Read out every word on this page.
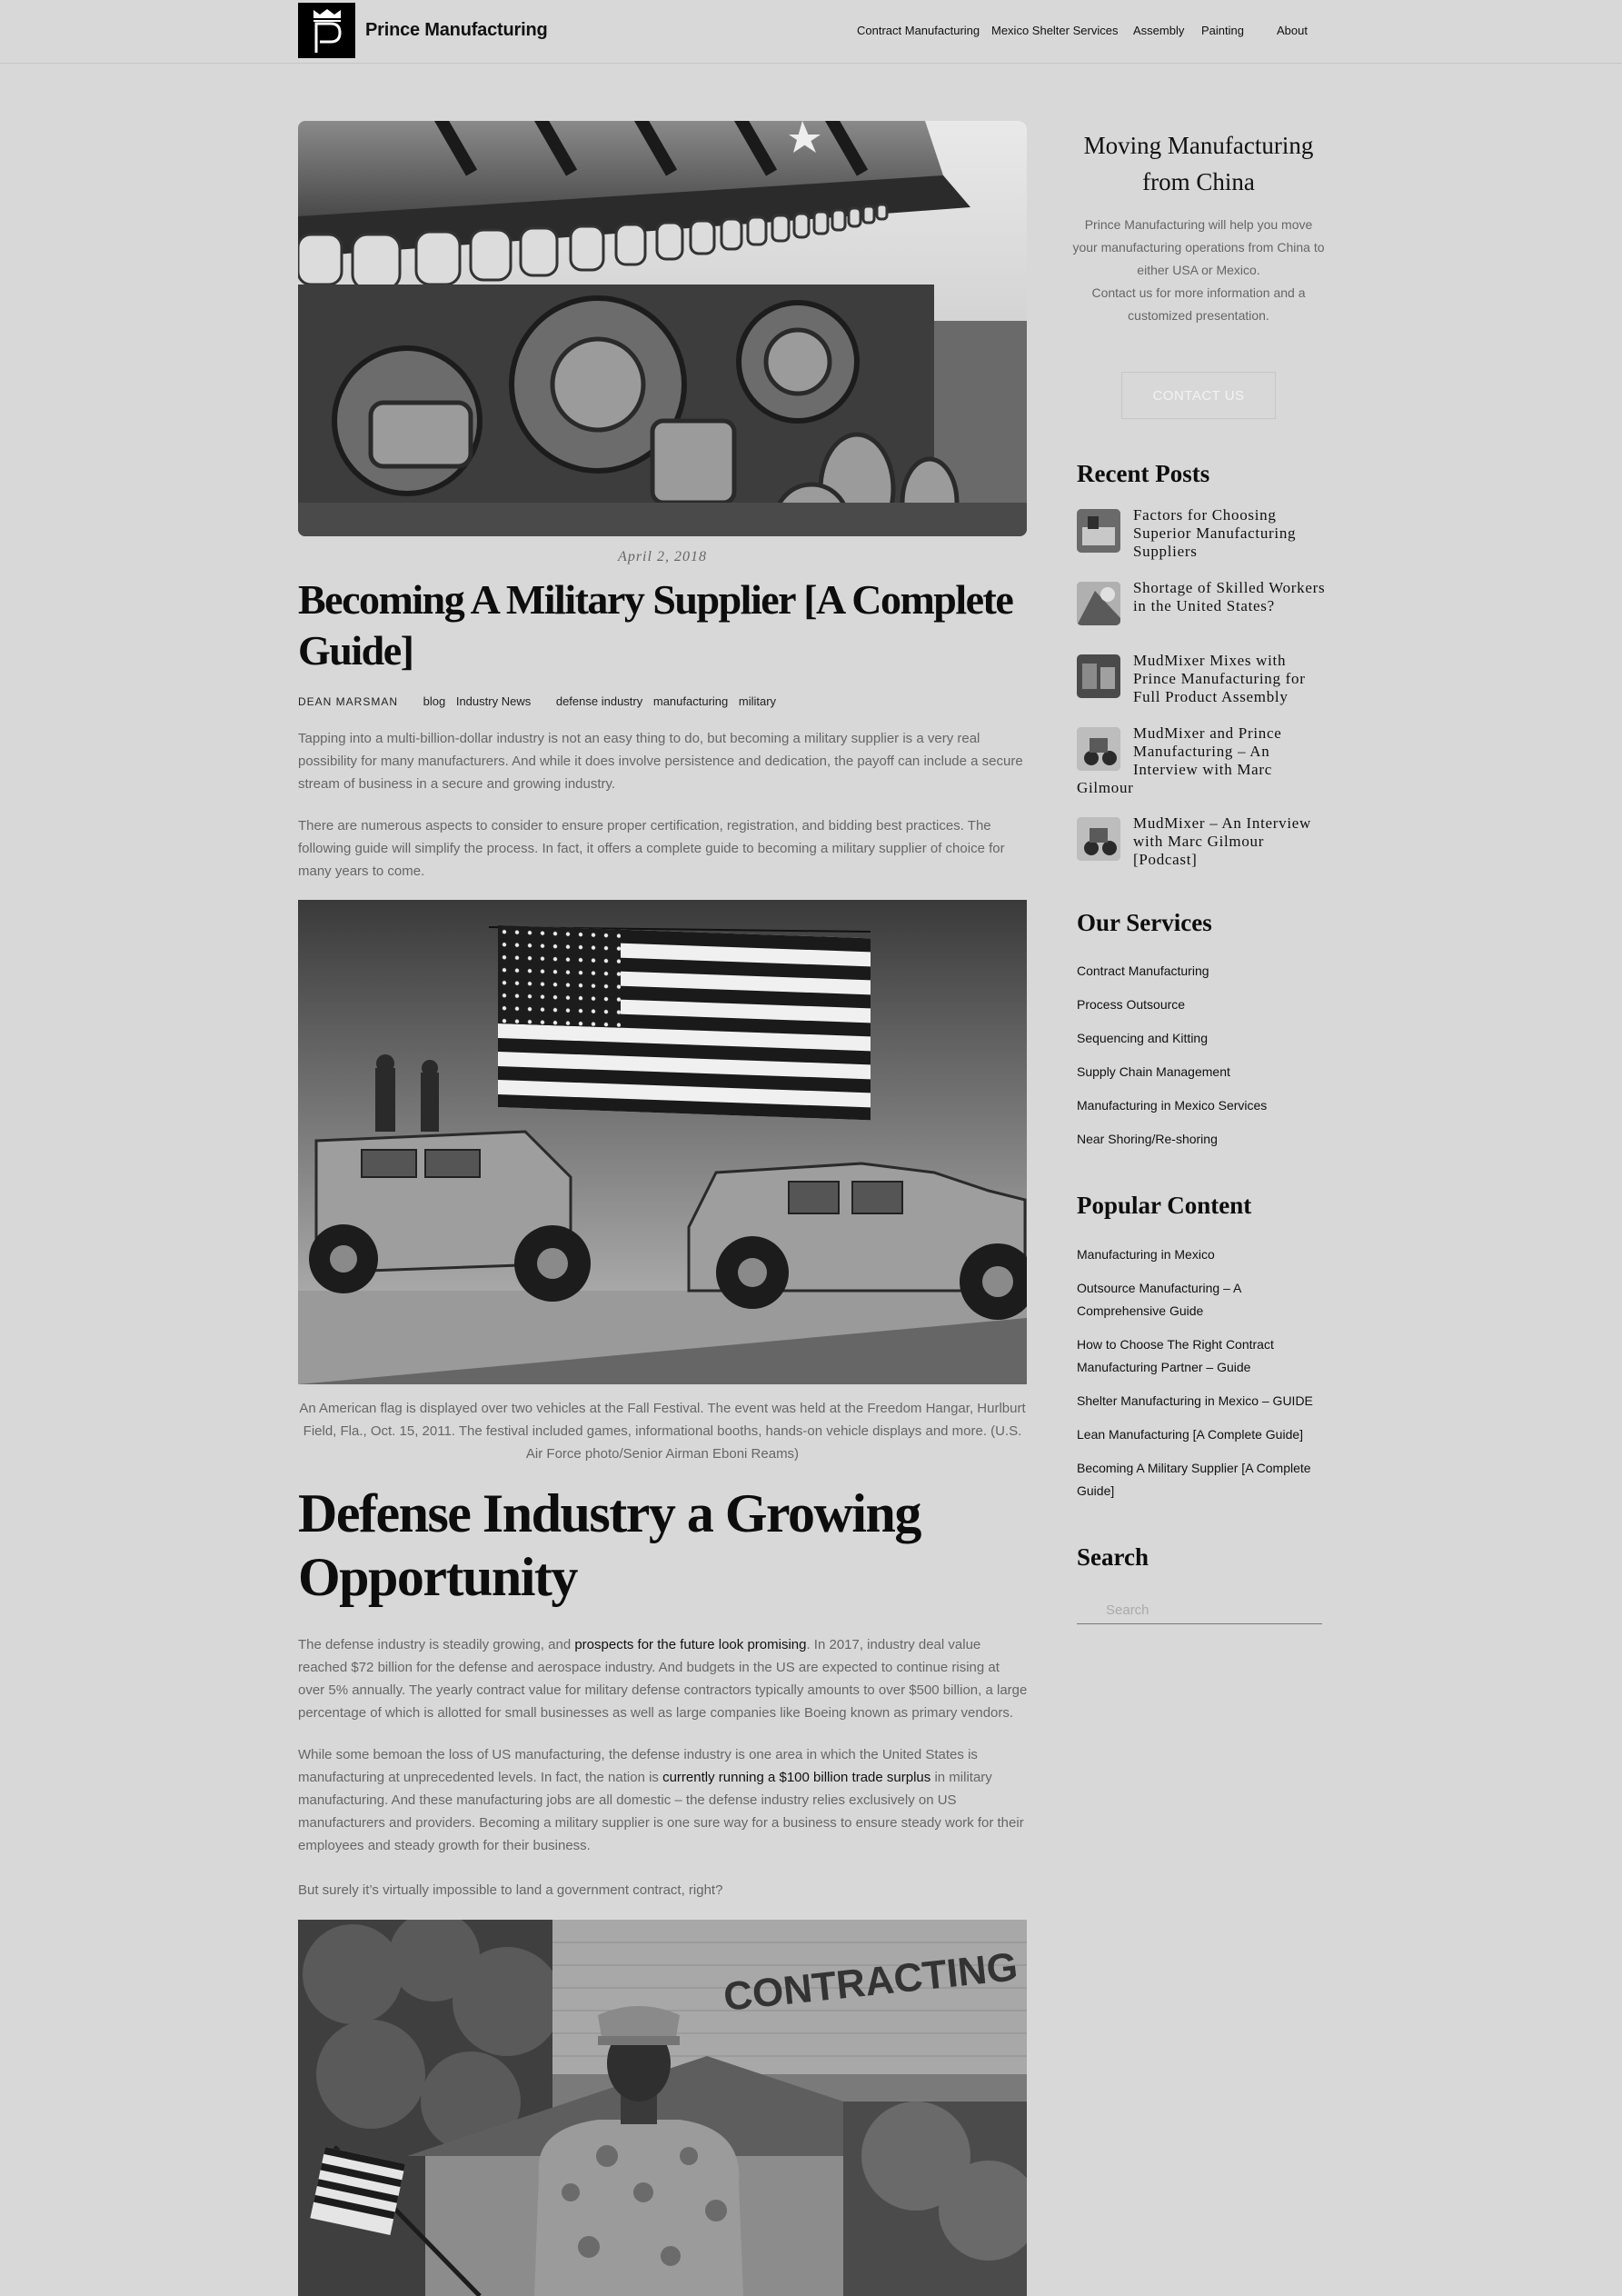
Prince Manufacturing	Contract Manufacturing Mexico Shelter Services Assembly Painting	About
April 2, 2018
Becoming A Military Supplier [A Complete Guide]
DEAN MARSMAN blog Industry News defense industry manufacturing military

Tapping into a multi-billion-dollar industry is not an easy thing to do, but becoming a military supplier is a very real possibility for many manufacturers. And while it does involve persistence and dedication, the payoff can include a secure stream of business in a secure and growing industry.

There are numerous aspects to consider to ensure proper certification, registration, and bidding best practices. The following guide will simplify the process. In fact, it offers a complete guide to becoming a military supplier of choice for many years to come.

An American flag is displayed over two vehicles at the Fall Festival. The event was held at the Freedom Hangar, Hurlburt Field, Fla., Oct. 15, 2011. The festival included games, informational booths, hands-on vehicle displays and more. (U.S. Air Force photo/Senior Airman Eboni Reams)
Defense Industry a Growing Opportunity

The defense industry is steadily growing, and prospects for the future look promising. In 2017, industry deal value reached $72 billion for the defense and aerospace industry. And budgets in the US are expected to continue rising at over 5% annually. The yearly contract value for military defense contractors typically amounts to over $500 billion, a large percentage of which is allotted for small businesses as well as large companies like Boeing known as primary vendors.

While some bemoan the loss of US manufacturing, the defense industry is one area in which the United States is manufacturing at unprecedented levels. In fact, the nation is currently running a $100 billion trade surplus in military manufacturing. And these manufacturing jobs are all domestic – the defense industry relies exclusively on US manufacturers and providers. Becoming a military supplier is one sure way for a business to ensure steady work for their employees and steady growth for their business.

But surely it’s virtually impossible to land a government contract, right?

CONTRACTING
Moving Manufacturing from China
Prince Manufacturing will help you move your manufacturing operations from China to either USA or Mexico.
Contact us for more information and a customized presentation.
CONTACT US
Recent Posts
Factors for Choosing Superior Manufacturing Suppliers
Shortage of Skilled Workers in the United States?
MudMixer Mixes with Prince Manufacturing for Full Product Assembly
MudMixer and Prince Manufacturing – An Interview with Marc Gilmour
MudMixer – An Interview with Marc Gilmour [Podcast]
Our Services
Contract Manufacturing
Process Outsource
Sequencing and Kitting
Supply Chain Management
Manufacturing in Mexico Services
Near Shoring/Re-shoring
Popular Content
Manufacturing in Mexico
Outsource Manufacturing – A Comprehensive Guide
How to Choose The Right Contract Manufacturing Partner – Guide
Shelter Manufacturing in Mexico – GUIDE
Lean Manufacturing [A Complete Guide]
Becoming A Military Supplier [A Complete Guide]
Search
Search
